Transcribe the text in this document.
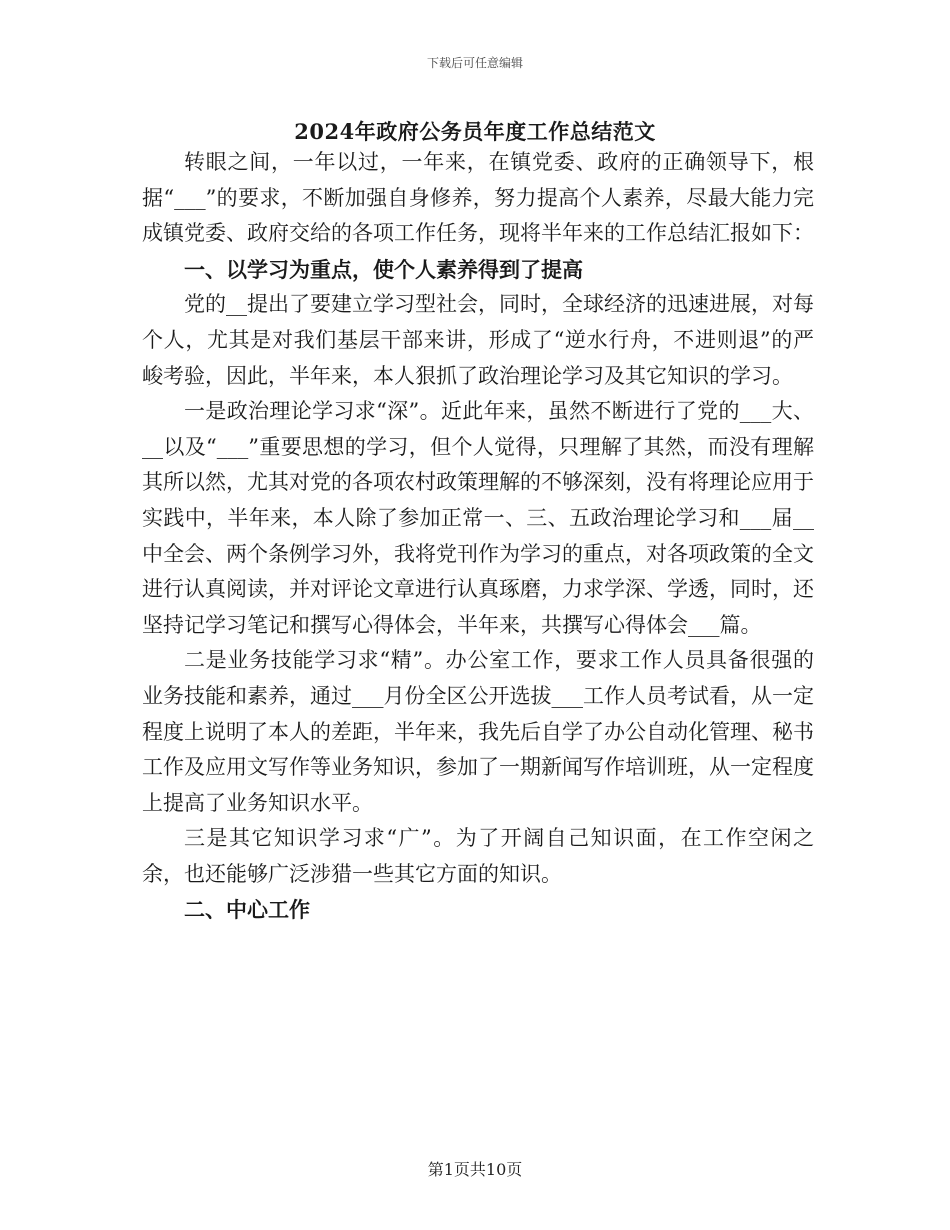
下载后可任意编辑
2024年政府公务员年度工作总结范文

转眼之间，一年以过，一年来，在镇党委、政府的正确领导下，根据“___”的要求，不断加强自身修养，努力提高个人素养，尽最大能力完成镇党委、政府交给的各项工作任务，现将半年来的工作总结汇报如下：

一、以学习为重点，使个人素养得到了提高

党的__提出了要建立学习型社会，同时，全球经济的迅速进展，对每个人，尤其是对我们基层干部来讲，形成了“逆水行舟，不进则退”的严峻考验，因此，半年来，本人狠抓了政治理论学习及其它知识的学习。

一是政治理论学习求“深”。近此年来，虽然不断进行了党的___大、__以及“___”重要思想的学习，但个人觉得，只理解了其然，而没有理解其所以然，尤其对党的各项农村政策理解的不够深刻，没有将理论应用于实践中，半年来，本人除了参加正常一、三、五政治理论学习和___届__中全会、两个条例学习外，我将党刊作为学习的重点，对各项政策的全文进行认真阅读，并对评论文章进行认真琢磨，力求学深、学透，同时，还坚持记学习笔记和撰写心得体会，半年来，共撰写心得体会___篇。

二是业务技能学习求“精”。办公室工作，要求工作人员具备很强的业务技能和素养，通过___月份全区公开选拔___工作人员考试看，从一定程度上说明了本人的差距，半年来，我先后自学了办公自动化管理、秘书工作及应用文写作等业务知识，参加了一期新闻写作培训班，从一定程度上提高了业务知识水平。

三是其它知识学习求“广”。为了开阔自己知识面，在工作空闲之余，也还能够广泛涉猎一些其它方面的知识。

二、中心工作

第1页共10页
